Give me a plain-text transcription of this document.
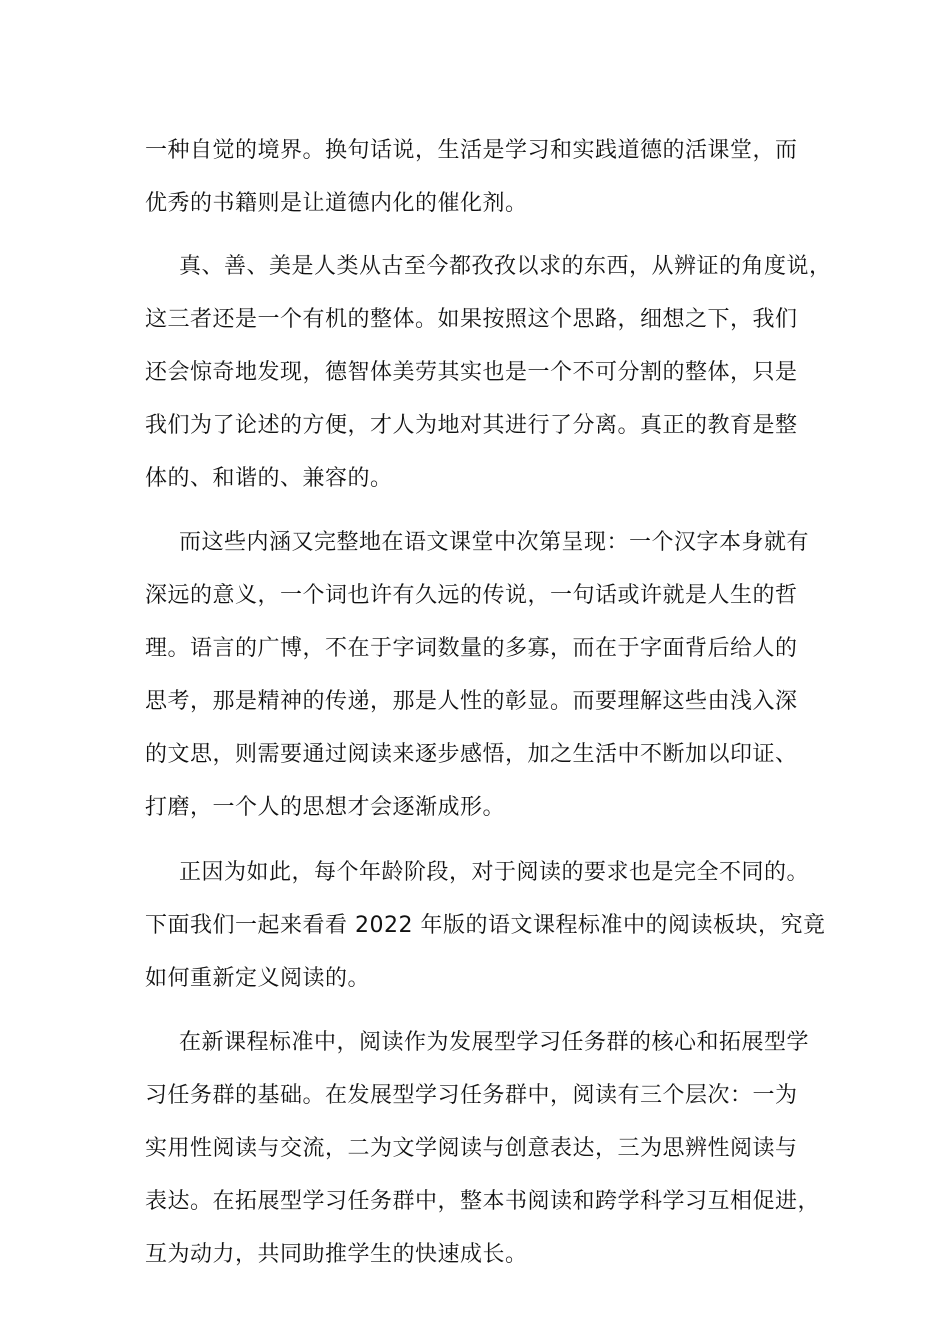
一种自觉的境界。换句话说，生活是学习和实践道德的活课堂，而
优秀的书籍则是让道德内化的催化剂。
真、善、美是人类从古至今都孜孜以求的东西，从辨证的角度说，
这三者还是一个有机的整体。如果按照这个思路，细想之下，我们
还会惊奇地发现，德智体美劳其实也是一个不可分割的整体，只是
我们为了论述的方便，才人为地对其进行了分离。真正的教育是整
体的、和谐的、兼容的。
而这些内涵又完整地在语文课堂中次第呈现：一个汉字本身就有
深远的意义，一个词也许有久远的传说，一句话或许就是人生的哲
理。语言的广博，不在于字词数量的多寡，而在于字面背后给人的
思考，那是精神的传递，那是人性的彰显。而要理解这些由浅入深
的文思，则需要通过阅读来逐步感悟，加之生活中不断加以印证、
打磨，一个人的思想才会逐渐成形。
正因为如此，每个年龄阶段，对于阅读的要求也是完全不同的。
下面我们一起来看看 2022 年版的语文课程标准中的阅读板块，究竟
如何重新定义阅读的。
在新课程标准中，阅读作为发展型学习任务群的核心和拓展型学
习任务群的基础。在发展型学习任务群中，阅读有三个层次：一为
实用性阅读与交流，二为文学阅读与创意表达，三为思辨性阅读与
表达。在拓展型学习任务群中，整本书阅读和跨学科学习互相促进，
互为动力，共同助推学生的快速成长。
